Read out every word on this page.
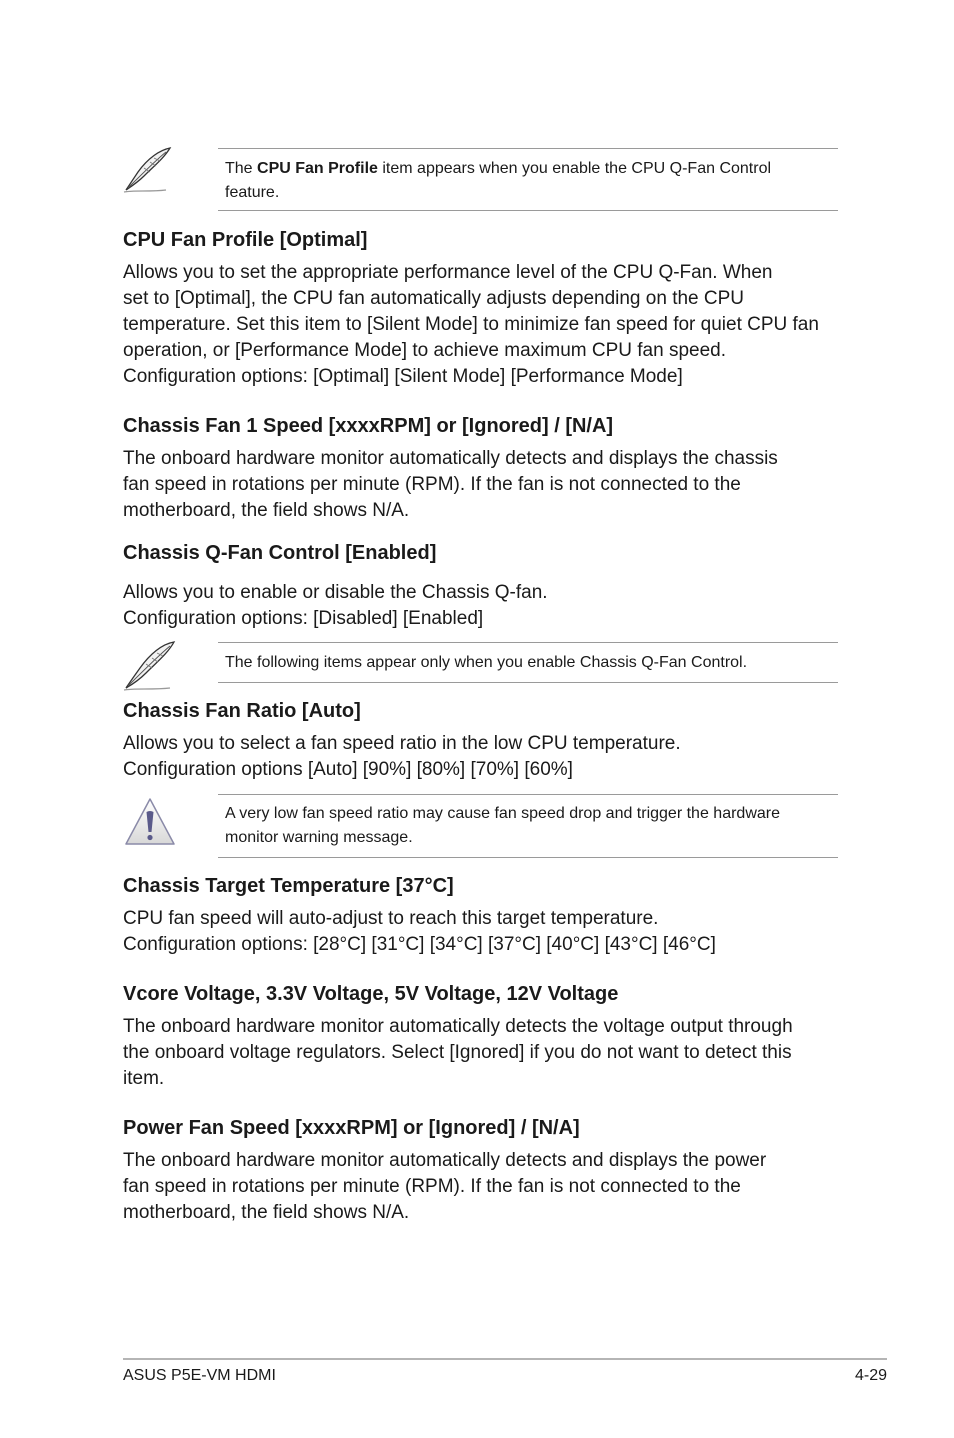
The CPU Fan Profile item appears when you enable the CPU Q-Fan Control
feature.
CPU Fan Profile [Optimal]
Allows you to set the appropriate performance level of the CPU Q-Fan. When
set to [Optimal], the CPU fan automatically adjusts depending on the CPU
temperature. Set this item to [Silent Mode] to minimize fan speed for quiet CPU fan
operation, or [Performance Mode] to achieve maximum CPU fan speed.
Configuration options: [Optimal] [Silent Mode] [Performance Mode]
Chassis Fan 1 Speed [xxxxRPM] or [Ignored] / [N/A]
The onboard hardware monitor automatically detects and displays the chassis
fan speed in rotations per minute (RPM). If the fan is not connected to the
motherboard, the field shows N/A.
Chassis Q-Fan Control [Enabled]
Allows you to enable or disable the Chassis Q-fan.
Configuration options: [Disabled] [Enabled]
The following items appear only when you enable Chassis Q-Fan Control.
Chassis Fan Ratio [Auto]
Allows you to select a fan speed ratio in the low CPU temperature.
Configuration options [Auto] [90%] [80%] [70%] [60%]
A very low fan speed ratio may cause fan speed drop and trigger the hardware
monitor warning message.
Chassis Target Temperature [37°C]
CPU fan speed will auto-adjust to reach this target temperature.
Configuration options: [28°C] [31°C] [34°C] [37°C] [40°C] [43°C] [46°C]
Vcore Voltage, 3.3V Voltage, 5V Voltage, 12V Voltage
The onboard hardware monitor automatically detects the voltage output through
the onboard voltage regulators. Select [Ignored] if you do not want to detect this
item.
Power Fan Speed [xxxxRPM] or [Ignored] / [N/A]
The onboard hardware monitor automatically detects and displays the power
fan speed in rotations per minute (RPM). If the fan is not connected to the
motherboard, the field shows N/A.
ASUS P5E-VM HDMI	4-29
